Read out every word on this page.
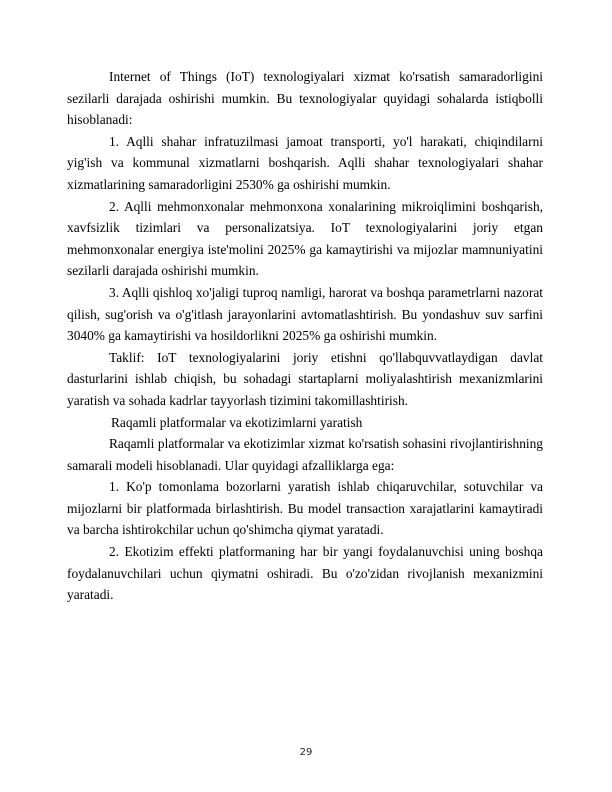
Internet of Things (IoT) texnologiyalari xizmat ko'rsatish samaradorligini sezilarli darajada oshirishi mumkin. Bu texnologiyalar quyidagi sohalarda istiqbolli hisoblanadi:

1. Aqlli shahar infratuzilmasi jamoat transporti, yo'l harakati, chiqindilarni yig'ish va kommunal xizmatlarni boshqarish. Aqlli shahar texnologiyalari shahar xizmatlarining samaradorligini 2530% ga oshirishi mumkin.

2. Aqlli mehmonxonalar mehmonxona xonalarining mikroiqlimini boshqarish, xavfsizlik tizimlari va personalizatsiya. IoT texnologiyalarini joriy etgan mehmonxonalar energiya iste'molini 2025% ga kamaytirishi va mijozlar mamnuniyatini sezilarli darajada oshirishi mumkin.

3. Aqlli qishloq xo'jaligi tuproq namligi, harorat va boshqa parametrlarni nazorat qilish, sug'orish va o'g'itlash jarayonlarini avtomatlashtirish. Bu yondashuv suv sarfini 3040% ga kamaytirishi va hosildorlikni 2025% ga oshirishi mumkin.

Taklif: IoT texnologiyalarini joriy etishni qo'llabquvvatlaydigan davlat dasturlarini ishlab chiqish, bu sohadagi startaplarni moliyalashtirish mexanizmlarini yaratish va sohada kadrlar tayyorlash tizimini takomillashtirish.

Raqamli platformalar va ekotizimlarni yaratish

Raqamli platformalar va ekotizimlar xizmat ko'rsatish sohasini rivojlantirishning samarali modeli hisoblanadi. Ular quyidagi afzalliklarga ega:

1. Ko'p tomonlama bozorlarni yaratish ishlab chiqaruvchilar, sotuvchilar va mijozlarni bir platformada birlashtirish. Bu model transaction xarajatlarini kamaytiradi va barcha ishtirokchilar uchun qo'shimcha qiymat yaratadi.

2. Ekotizim effekti platformaning har bir yangi foydalanuvchisi uning boshqa foydalanuvchilari uchun qiymatni oshiradi. Bu o'zo'zidan rivojlanish mexanizmini yaratadi.

29
